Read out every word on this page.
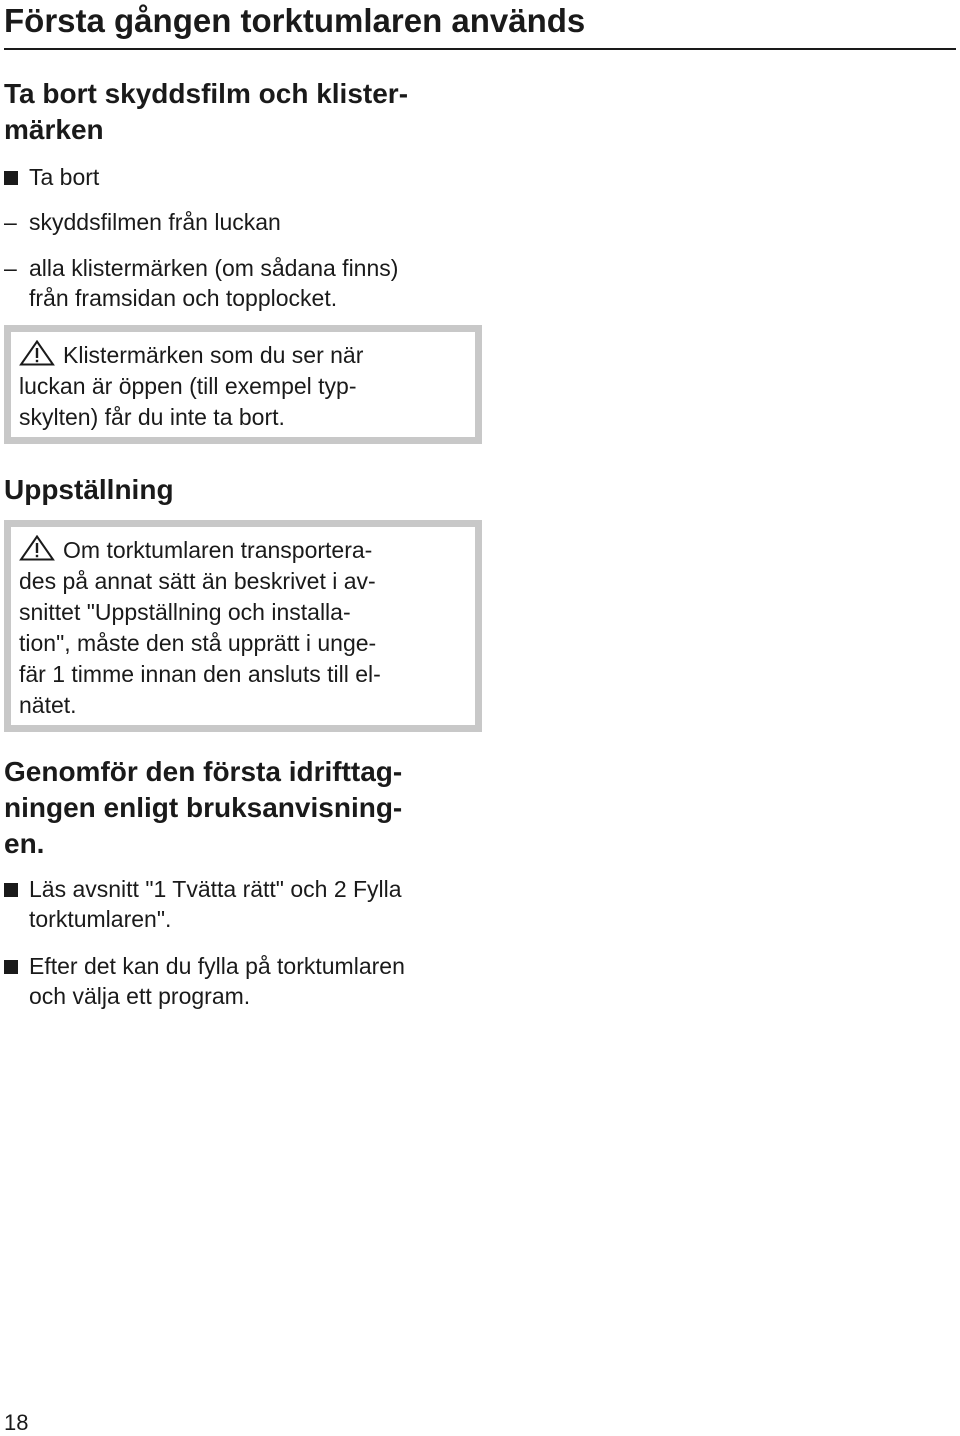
Första gången torktumlaren används
Ta bort skyddsfilm och klister-
märken
Ta bort
– skyddsfilmen från luckan
– alla klistermärken (om sådana finns)
från framsidan och topplocket.
Klistermärken som du ser när
luckan är öppen (till exempel typ-
skylten) får du inte ta bort.
Uppställning
Om torktumlaren transportera-
des på annat sätt än beskrivet i av-
snittet "Uppställning och installa-
tion", måste den stå upprätt i unge-
fär 1 timme innan den ansluts till el-
nätet.
Genomför den första idrifttag-
ningen enligt bruksanvisning-
en.
Läs avsnitt "1 Tvätta rätt" och 2 Fylla
torktumlaren".
Efter det kan du fylla på torktumlaren
och välja ett program.
18
